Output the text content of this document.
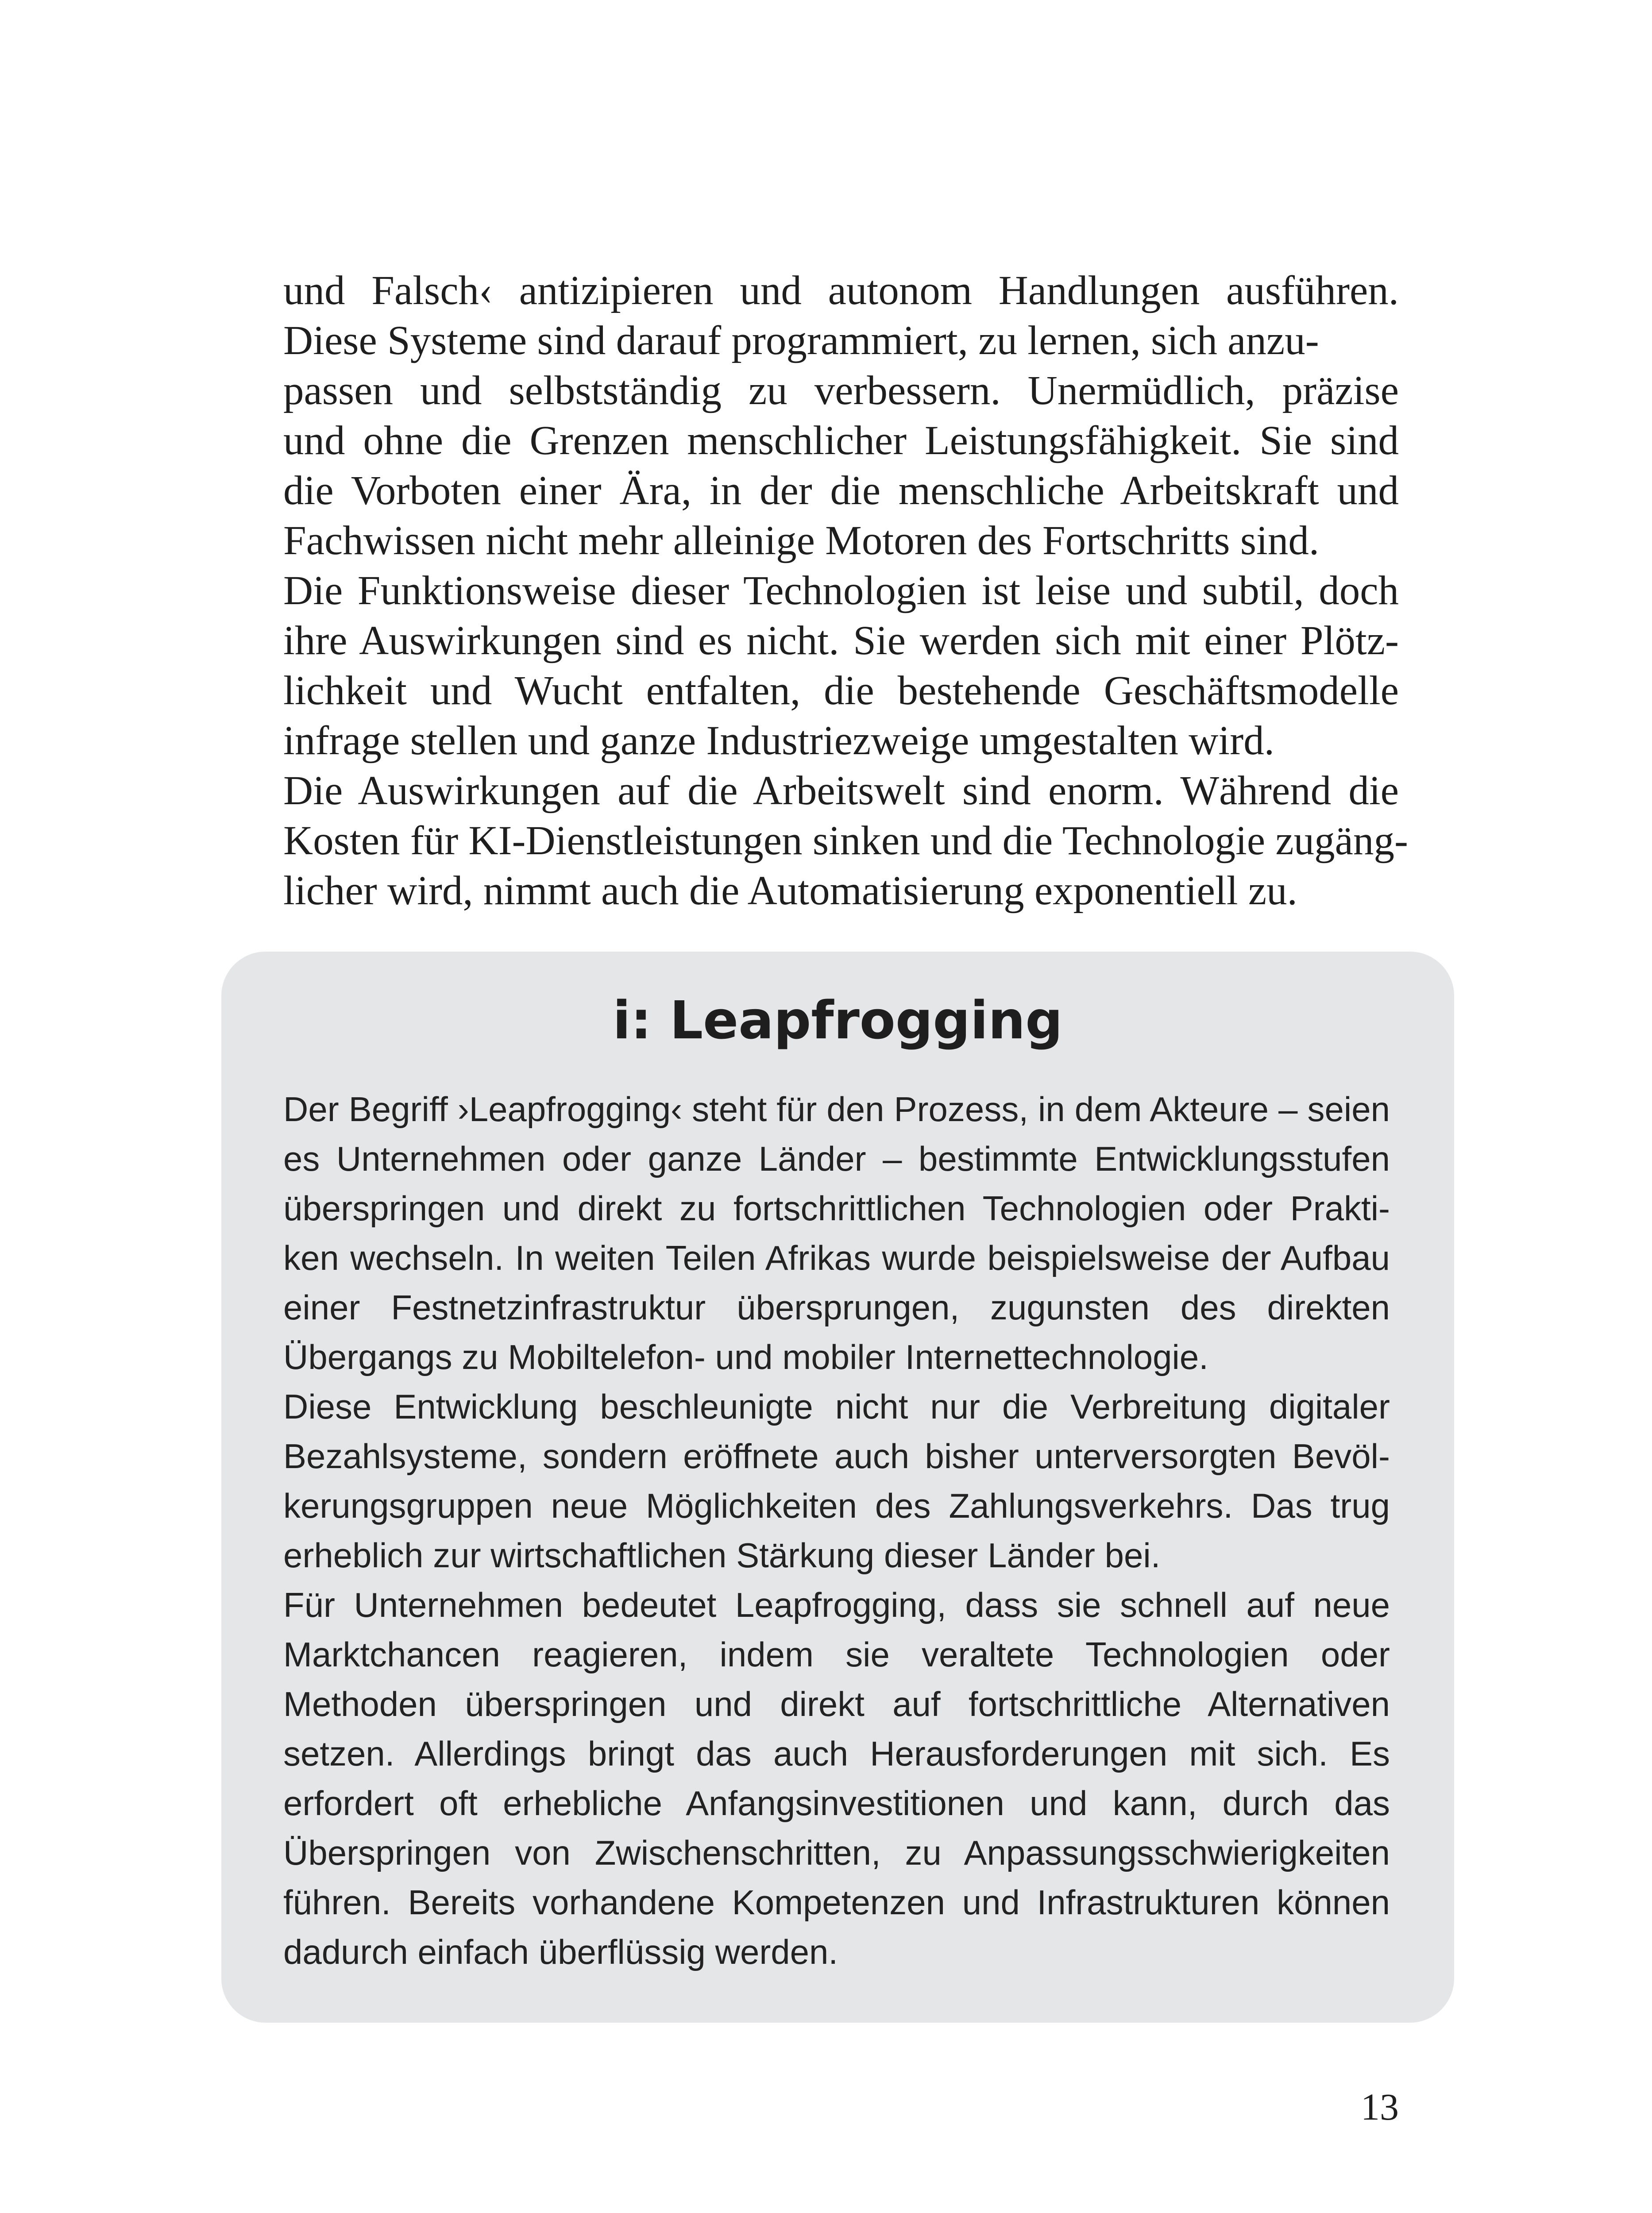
und Falsch‹ antizipieren und autonom Handlungen ausführen.
Diese Systeme sind darauf programmiert, zu lernen, sich anzu-
passen und selbstständig zu verbessern. Unermüdlich, präzise
und ohne die Grenzen menschlicher Leistungsfähigkeit. Sie sind
die Vorboten einer Ära, in der die menschliche Arbeitskraft und
Fachwissen nicht mehr alleinige Motoren des Fortschritts sind.
Die Funktionsweise dieser Technologien ist leise und subtil, doch
ihre Auswirkungen sind es nicht. Sie werden sich mit einer Plötz-
lichkeit und Wucht entfalten, die bestehende Geschäftsmodelle
infrage stellen und ganze Industriezweige umgestalten wird.
Die Auswirkungen auf die Arbeitswelt sind enorm. Während die
Kosten für KI-Dienstleistungen sinken und die Technologie zugäng-
licher wird, nimmt auch die Automatisierung exponentiell zu.
i: Leapfrogging
Der Begriff ›Leapfrogging‹ steht für den Prozess, in dem Akteure – seien
es Unternehmen oder ganze Länder – bestimmte Entwicklungsstufen
überspringen und direkt zu fortschrittlichen Technologien oder Prakti-
ken wechseln. In weiten Teilen Afrikas wurde beispielsweise der Aufbau
einer Festnetzinfrastruktur übersprungen, zugunsten des direkten
Übergangs zu Mobiltelefon- und mobiler Internettechnologie.
Diese Entwicklung beschleunigte nicht nur die Verbreitung digitaler
Bezahlsysteme, sondern eröffnete auch bisher unterversorgten Bevöl-
kerungsgruppen neue Möglichkeiten des Zahlungsverkehrs. Das trug
erheblich zur wirtschaftlichen Stärkung dieser Länder bei.
Für Unternehmen bedeutet Leapfrogging, dass sie schnell auf neue
Marktchancen reagieren, indem sie veraltete Technologien oder
Methoden überspringen und direkt auf fortschrittliche Alternativen
setzen. Allerdings bringt das auch Herausforderungen mit sich. Es
erfordert oft erhebliche Anfangsinvestitionen und kann, durch das
Überspringen von Zwischenschritten, zu Anpassungsschwierigkeiten
führen. Bereits vorhandene Kompetenzen und Infrastrukturen können
dadurch einfach überflüssig werden.
13
